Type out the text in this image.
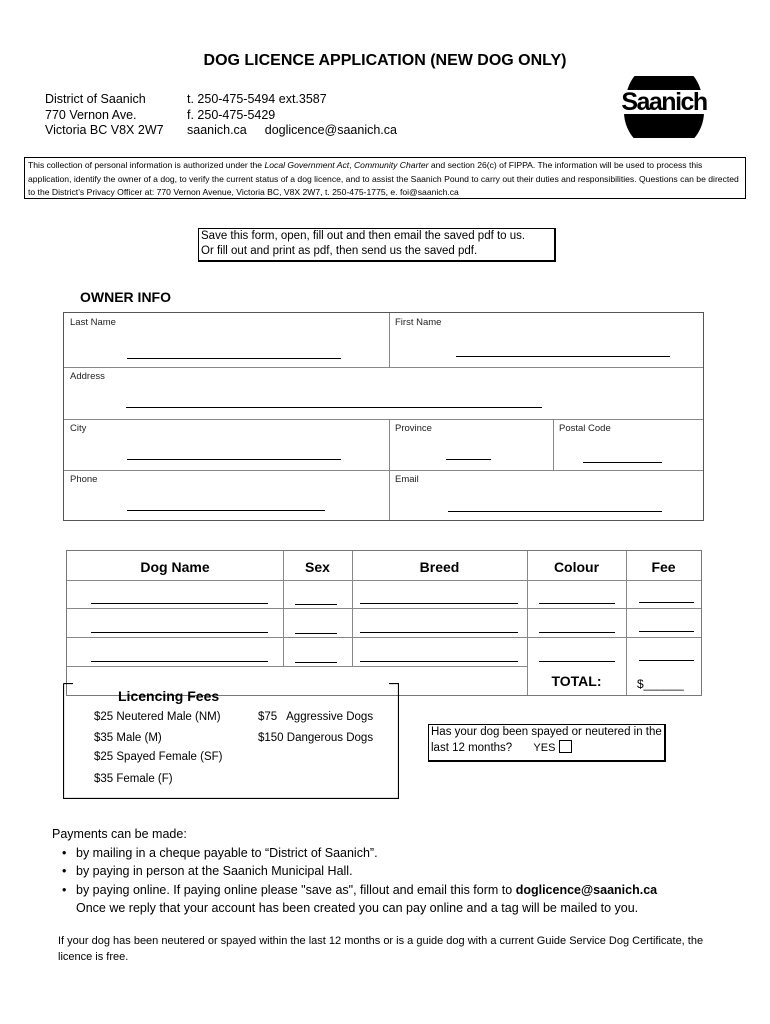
DOG LICENCE APPLICATION (NEW DOG ONLY)
District of Saanich
770 Vernon Ave.
Victoria BC V8X 2W7
t. 250-475-5494 ext.3587
f. 250-475-5429
saanich.ca doglicence@saanich.ca
Saanich
This collection of personal information is authorized under the Local Government Act, Community Charter and section 26(c) of FIPPA. The information will be used to process this application, identify the owner of a dog, to verify the current status of a dog licence, and to assist the Saanich Pound to carry out their duties and responsibilities. Questions can be directed to the District’s Privacy Officer at: 770 Vernon Avenue, Victoria BC, V8X 2W7, t. 250-475-1775, e. foi@saanich.ca
Save this form, open, fill out and then email the saved pdf to us.
Or fill out and print as pdf, then send us the saved pdf.
OWNER INFO
Last Name	First Name
Address
City	Province	Postal Code
Phone	Email
Dog Name	Sex	Breed	Colour	Fee
TOTAL:	$______
Licencing Fees
$25 Neutered Male (NM)
$35 Male (M)
$25 Spayed Female (SF)
$35 Female (F)
$75   Aggressive Dogs
$150 Dangerous Dogs	Has your dog been spayed or neutered in the last 12 months? YES
Payments can be made:
• by mailing in a cheque payable to “District of Saanich”.
• by paying in person at the Saanich Municipal Hall.
• by paying online. If paying online please "save as", fillout and email this form to doglicence@saanich.ca
Once we reply that your account has been created you can pay online and a tag will be mailed to you.
If your dog has been neutered or spayed within the last 12 months or is a guide dog with a current Guide Service Dog Certificate, the licence is free.
